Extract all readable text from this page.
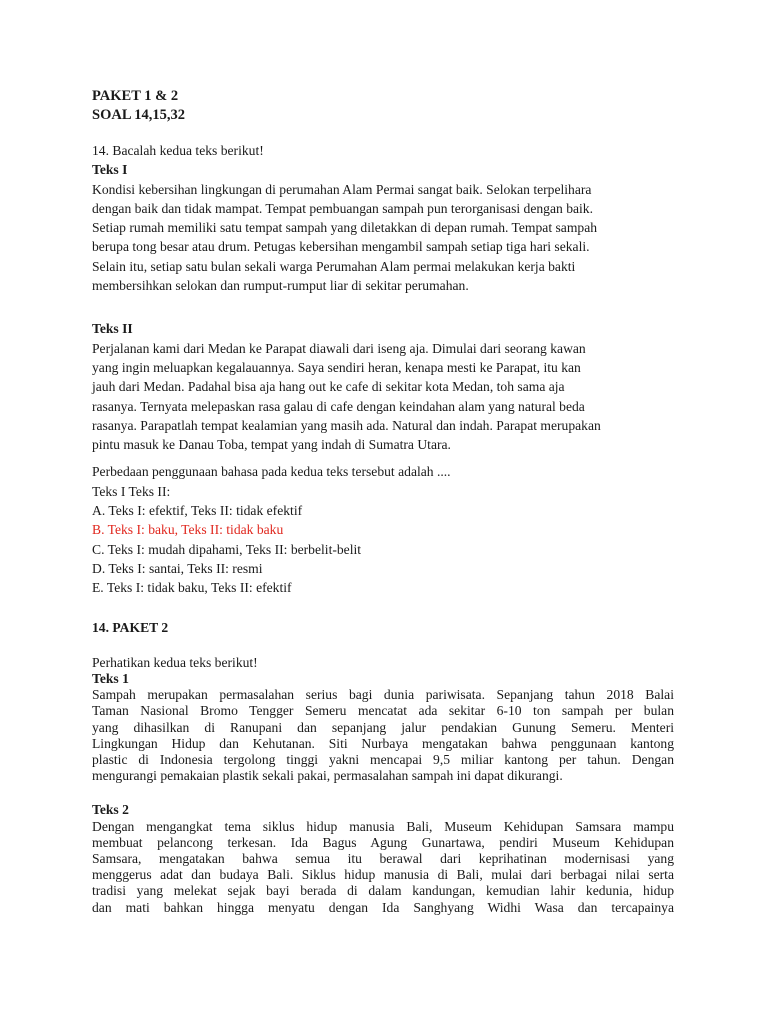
PAKET 1 & 2

SOAL 14,15,32

14. Bacalah kedua teks berikut!

Teks I

Kondisi kebersihan lingkungan di perumahan Alam Permai sangat baik. Selokan terpelihara

dengan baik dan tidak mampat. Tempat pembuangan sampah pun terorganisasi dengan baik.

Setiap rumah memiliki satu tempat sampah yang diletakkan di depan rumah. Tempat sampah

berupa tong besar atau drum. Petugas kebersihan mengambil sampah setiap tiga hari sekali.

Selain itu, setiap satu bulan sekali warga Perumahan Alam permai melakukan kerja bakti

membersihkan selokan dan rumput-rumput liar di sekitar perumahan.

Teks II

Perjalanan kami dari Medan ke Parapat diawali dari iseng aja. Dimulai dari seorang kawan

yang ingin meluapkan kegalauannya. Saya sendiri heran, kenapa mesti ke Parapat, itu kan

jauh dari Medan. Padahal bisa aja hang out ke cafe di sekitar kota Medan, toh sama aja

rasanya. Ternyata melepaskan rasa galau di cafe dengan keindahan alam yang natural beda

rasanya. Parapatlah tempat kealamian yang masih ada. Natural dan indah. Parapat merupakan

pintu masuk ke Danau Toba, tempat yang indah di Sumatra Utara.

Perbedaan penggunaan bahasa pada kedua teks tersebut adalah ....

Teks I Teks II:

A. Teks I: efektif, Teks II: tidak efektif

B. Teks I: baku, Teks II: tidak baku

C. Teks I: mudah dipahami, Teks II: berbelit-belit

D. Teks I: santai, Teks II: resmi

E. Teks I: tidak baku, Teks II: efektif

14. PAKET 2

Perhatikan kedua teks berikut!

Teks 1

Sampah merupakan permasalahan serius bagi dunia pariwisata. Sepanjang tahun 2018 Balai

Taman Nasional Bromo Tengger Semeru mencatat ada sekitar 6-10 ton sampah per bulan

yang dihasilkan di Ranupani dan sepanjang jalur pendakian Gunung Semeru. Menteri

Lingkungan Hidup dan Kehutanan. Siti Nurbaya mengatakan bahwa penggunaan kantong

plastic di Indonesia tergolong tinggi yakni mencapai 9,5 miliar kantong per tahun. Dengan

mengurangi pemakaian plastik sekali pakai, permasalahan sampah ini dapat dikurangi.

Teks 2

Dengan mengangkat tema siklus hidup manusia Bali, Museum Kehidupan Samsara mampu

membuat pelancong terkesan. Ida Bagus Agung Gunartawa, pendiri Museum Kehidupan

Samsara, mengatakan bahwa semua itu berawal dari keprihatinan modernisasi yang

menggerus adat dan budaya Bali. Siklus hidup manusia di Bali, mulai dari berbagai nilai serta

tradisi yang melekat sejak bayi berada di dalam kandungan, kemudian lahir kedunia, hidup

dan mati bahkan hingga menyatu dengan Ida Sanghyang Widhi Wasa dan tercapainya
